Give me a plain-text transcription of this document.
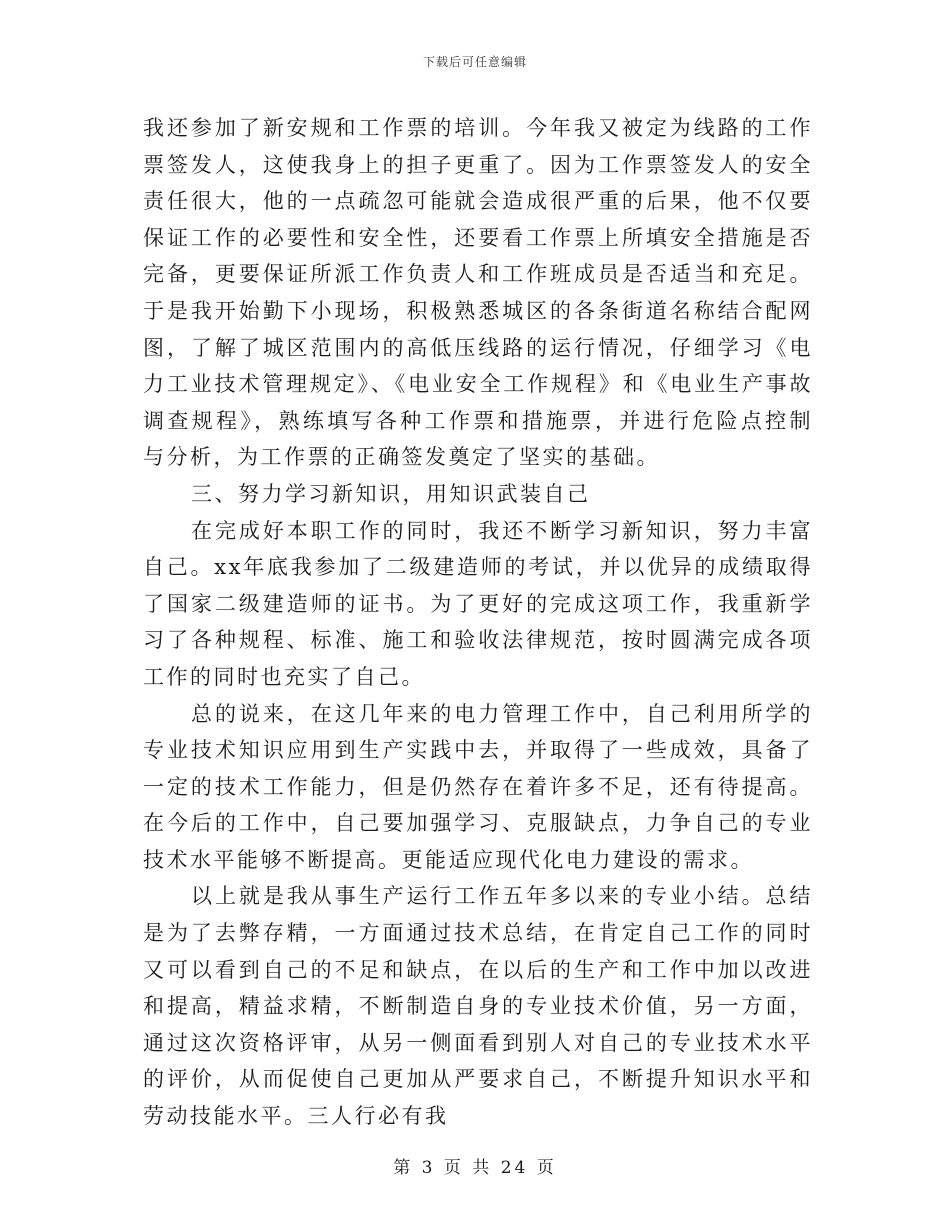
下载后可任意编辑

我还参加了新安规和工作票的培训。今年我又被定为线路的工作票签发人，这使我身上的担子更重了。因为工作票签发人的安全责任很大，他的一点疏忽可能就会造成很严重的后果，他不仅要保证工作的必要性和安全性，还要看工作票上所填安全措施是否完备，更要保证所派工作负责人和工作班成员是否适当和充足。于是我开始勤下小现场，积极熟悉城区的各条街道名称结合配网图，了解了城区范围内的高低压线路的运行情况，仔细学习《电力工业技术管理规定》、《电业安全工作规程》和《电业生产事故调查规程》，熟练填写各种工作票和措施票，并进行危险点控制与分析，为工作票的正确签发奠定了坚实的基础。

三、努力学习新知识，用知识武装自己

在完成好本职工作的同时，我还不断学习新知识，努力丰富自己。xx年底我参加了二级建造师的考试，并以优异的成绩取得了国家二级建造师的证书。为了更好的完成这项工作，我重新学习了各种规程、标准、施工和验收法律规范，按时圆满完成各项工作的同时也充实了自己。

总的说来，在这几年来的电力管理工作中，自己利用所学的专业技术知识应用到生产实践中去，并取得了一些成效，具备了一定的技术工作能力，但是仍然存在着许多不足，还有待提高。在今后的工作中，自己要加强学习、克服缺点，力争自己的专业技术水平能够不断提高。更能适应现代化电力建设的需求。

以上就是我从事生产运行工作五年多以来的专业小结。总结是为了去弊存精，一方面通过技术总结，在肯定自己工作的同时又可以看到自己的不足和缺点，在以后的生产和工作中加以改进和提高，精益求精，不断制造自身的专业技术价值，另一方面，通过这次资格评审，从另一侧面看到别人对自己的专业技术水平的评价，从而促使自己更加从严要求自己，不断提升知识水平和劳动技能水平。三人行必有我

第 3 页 共 24 页
